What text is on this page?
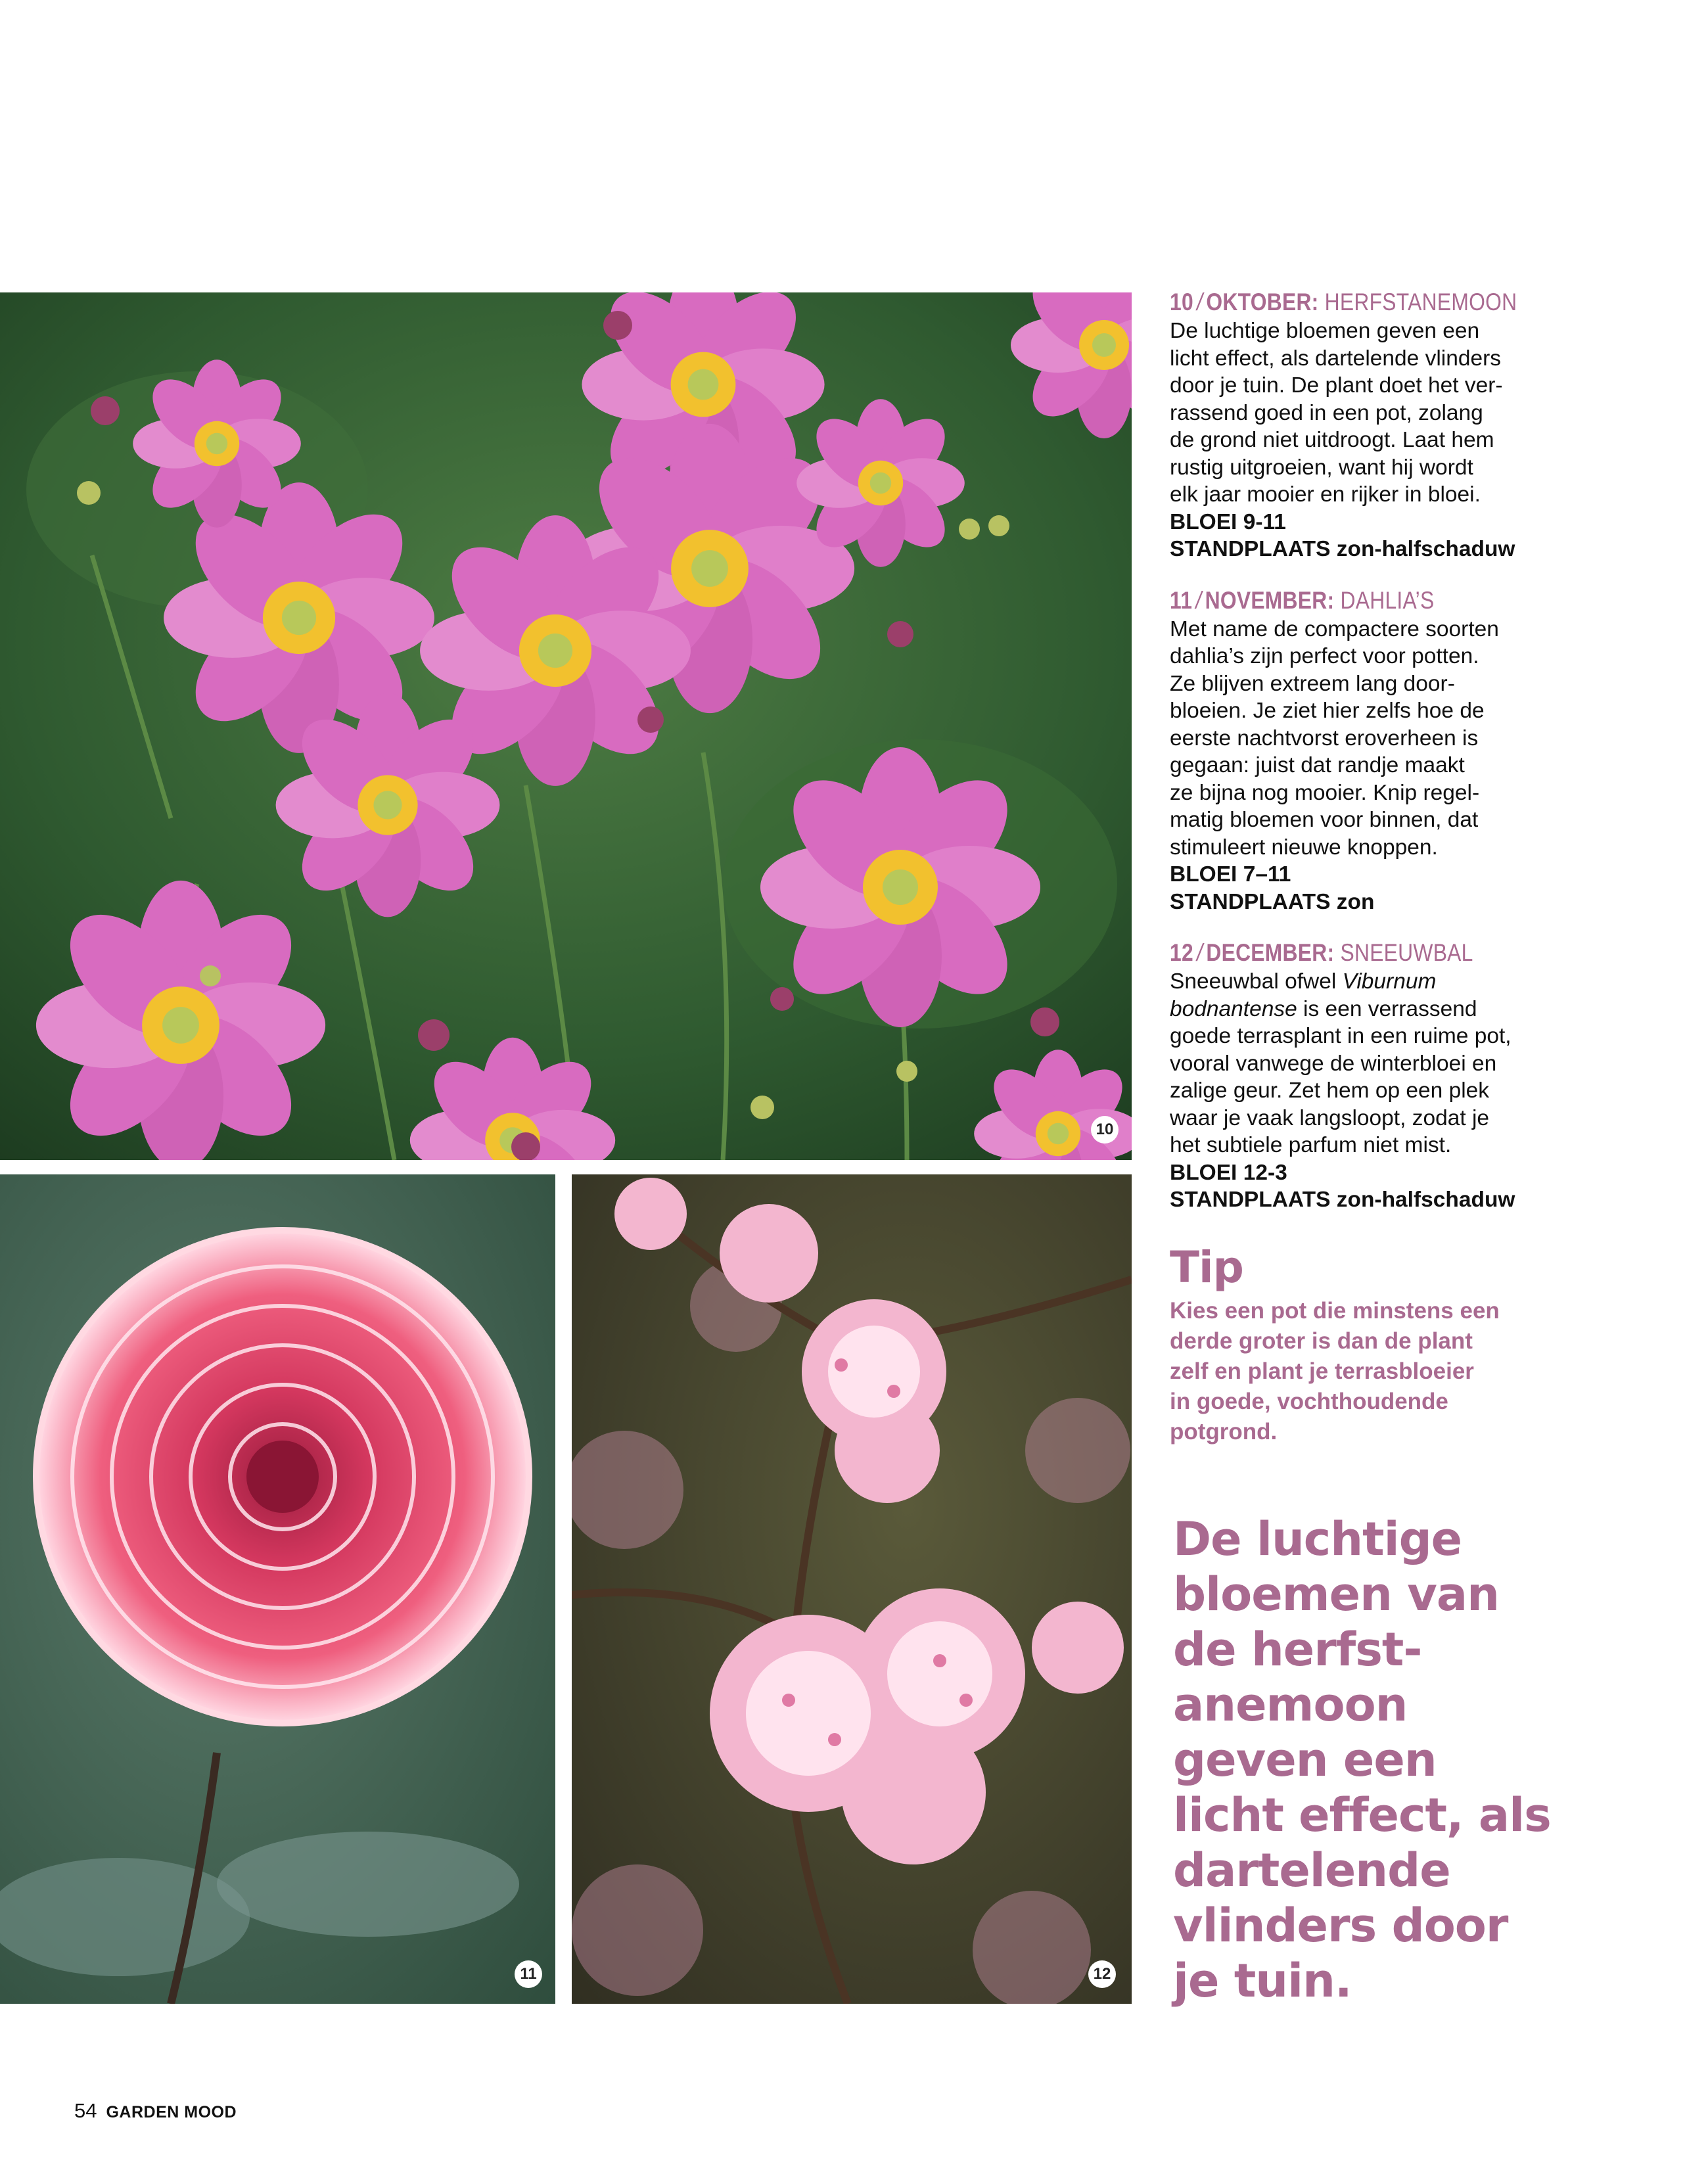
10
11	12
10 / OKTOBER: HERFSTANEMOON
De luchtige bloemen geven een
licht effect, als dartelende vlinders
door je tuin. De plant doet het ver-
rassend goed in een pot, zolang
de grond niet uitdroogt. Laat hem
rustig uitgroeien, want hij wordt
elk jaar mooier en rijker in bloei.
BLOEI 9-11
STANDPLAATS zon-halfschaduw
11 / NOVEMBER: DAHLIA’S
Met name de compactere soorten
dahlia’s zijn perfect voor potten.
Ze blijven extreem lang door-
bloeien. Je ziet hier zelfs hoe de
eerste nachtvorst eroverheen is
gegaan: juist dat randje maakt
ze bijna nog mooier. Knip regel-
matig bloemen voor binnen, dat
stimuleert nieuwe knoppen.
BLOEI 7–11
STANDPLAATS zon
12 / DECEMBER: SNEEUWBAL
Sneeuwbal ofwel Viburnum
bodnantense is een verrassend
goede terrasplant in een ruime pot,
vooral vanwege de winterbloei en
zalige geur. Zet hem op een plek
waar je vaak langsloopt, zodat je
het subtiele parfum niet mist.
BLOEI 12-3
STANDPLAATS zon-halfschaduw
Tip
Kies een pot die minstens een
derde groter is dan de plant
zelf en plant je terrasbloeier
in goede, vochthoudende
potgrond.
De luchtige
bloemen van
de herfst-
anemoon
geven een
licht effect, als
dartelende
vlinders door
je tuin.
54 GARDEN MOOD
